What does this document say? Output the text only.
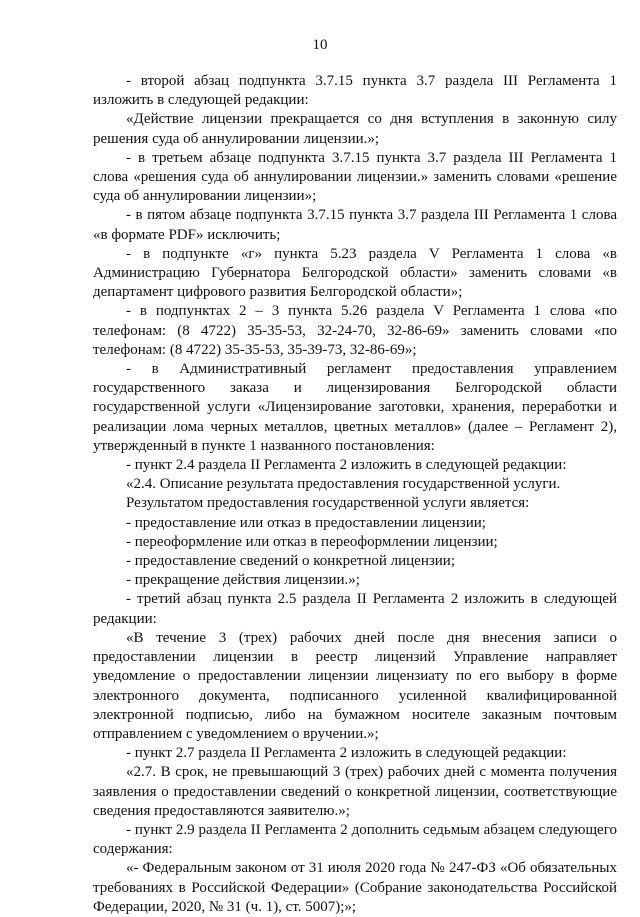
10

- второй абзац подпункта 3.7.15 пункта 3.7 раздела III Регламента 1 изложить в следующей редакции:

«Действие лицензии прекращается со дня вступления в законную силу решения суда об аннулировании лицензии.»;

- в третьем абзаце подпункта 3.7.15 пункта 3.7 раздела III Регламента 1 слова «решения суда об аннулировании лицензии.» заменить словами «решение суда об аннулировании лицензии»;

- в пятом абзаце подпункта 3.7.15 пункта 3.7 раздела III Регламента 1 слова «в формате PDF» исключить;

- в подпункте «г» пункта 5.23 раздела V Регламента 1 слова «в Администрацию Губернатора Белгородской области» заменить словами «в департамент цифрового развития Белгородской области»;

- в подпунктах 2 – 3 пункта 5.26 раздела V Регламента 1 слова «по телефонам: (8 4722) 35-35-53, 32-24-70, 32-86-69» заменить словами «по телефонам: (8 4722) 35-35-53, 35-39-73, 32-86-69»;

- в Административный регламент предоставления управлением государственного заказа и лицензирования Белгородской области государственной услуги «Лицензирование заготовки, хранения, переработки и реализации лома черных металлов, цветных металлов» (далее – Регламент 2), утвержденный в пункте 1 названного постановления:

- пункт 2.4 раздела II Регламента 2 изложить в следующей редакции:

«2.4. Описание результата предоставления государственной услуги.

Результатом предоставления государственной услуги является:

- предоставление или отказ в предоставлении лицензии;

- переоформление или отказ в переоформлении лицензии;

- предоставление сведений о конкретной лицензии;

- прекращение действия лицензии.»;

- третий абзац пункта 2.5 раздела II Регламента 2 изложить в следующей редакции:

«В течение 3 (трех) рабочих дней после дня внесения записи о предоставлении лицензии в реестр лицензий Управление направляет уведомление о предоставлении лицензии лицензиату по его выбору в форме электронного документа, подписанного усиленной квалифицированной электронной подписью, либо на бумажном носителе заказным почтовым отправлением с уведомлением о вручении.»;

- пункт 2.7 раздела II Регламента 2 изложить в следующей редакции:

«2.7. В срок, не превышающий 3 (трех) рабочих дней с момента получения заявления о предоставлении сведений о конкретной лицензии, соответствующие сведения предоставляются заявителю.»;

- пункт 2.9 раздела II Регламента 2 дополнить седьмым абзацем следующего содержания:

«- Федеральным законом от 31 июля 2020 года № 247-ФЗ «Об обязательных требованиях в Российской Федерации» (Собрание законодательства Российской Федерации, 2020, № 31 (ч. 1), ст. 5007);»;
